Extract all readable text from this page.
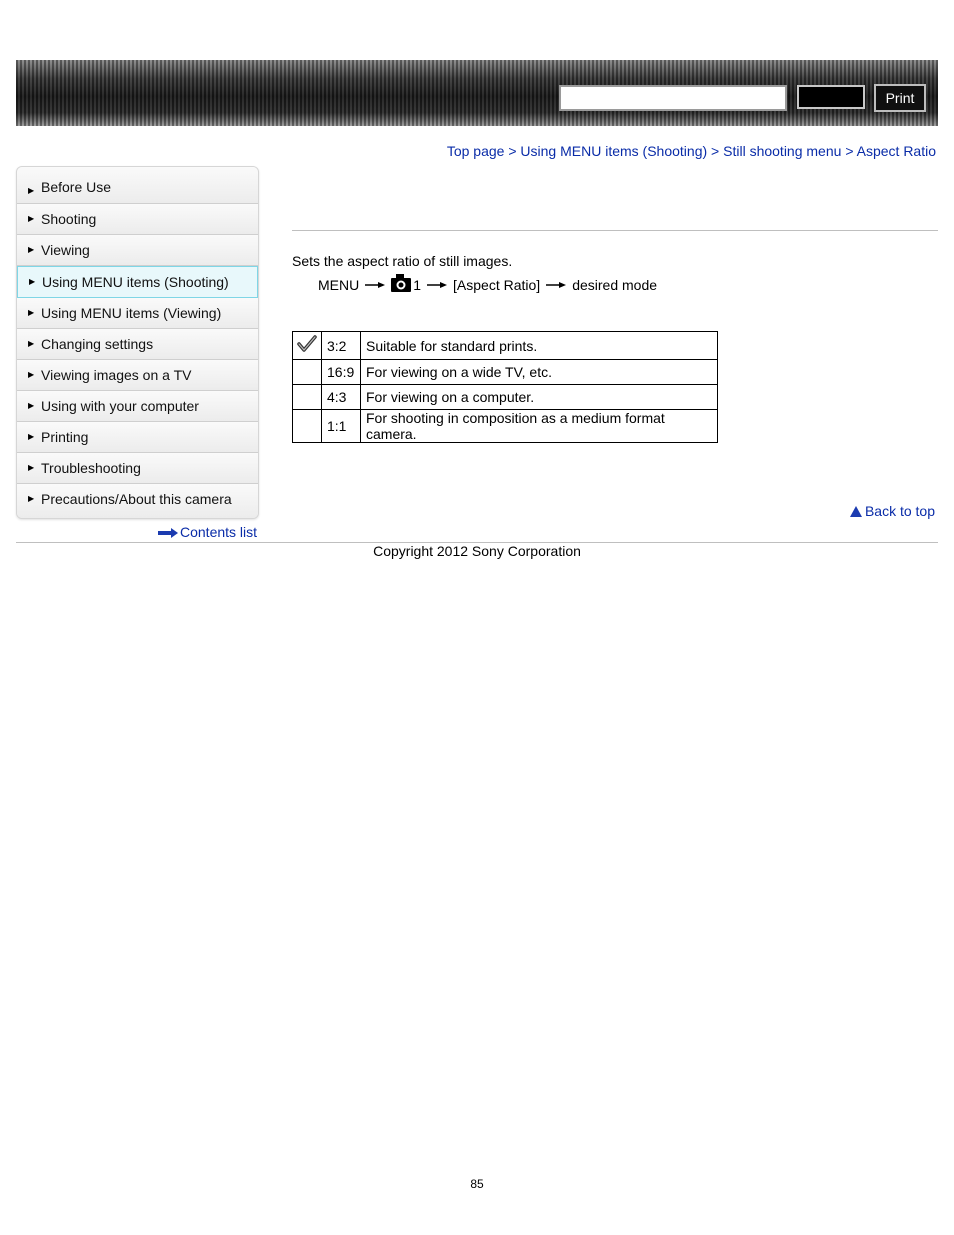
Print
Top page > Using MENU items (Shooting) > Still shooting menu > Aspect Ratio
▶ Before Use
▶ Shooting
▶ Viewing
▶ Using MENU items (Shooting)
▶ Using MENU items (Viewing)
▶ Changing settings
▶ Viewing images on a TV
▶ Using with your computer
▶ Printing
▶ Troubleshooting
▶ Precautions/About this camera
Contents list
Sets the aspect ratio of still images.
MENU	1 [Aspect Ratio] desired mode
	3:2	Suitable for standard prints.
	16:9	For viewing on a wide TV, etc.
	4:3	For viewing on a computer.
	1:1	For shooting in composition as a medium format camera.
Back to top
Copyright 2012 Sony Corporation
85
